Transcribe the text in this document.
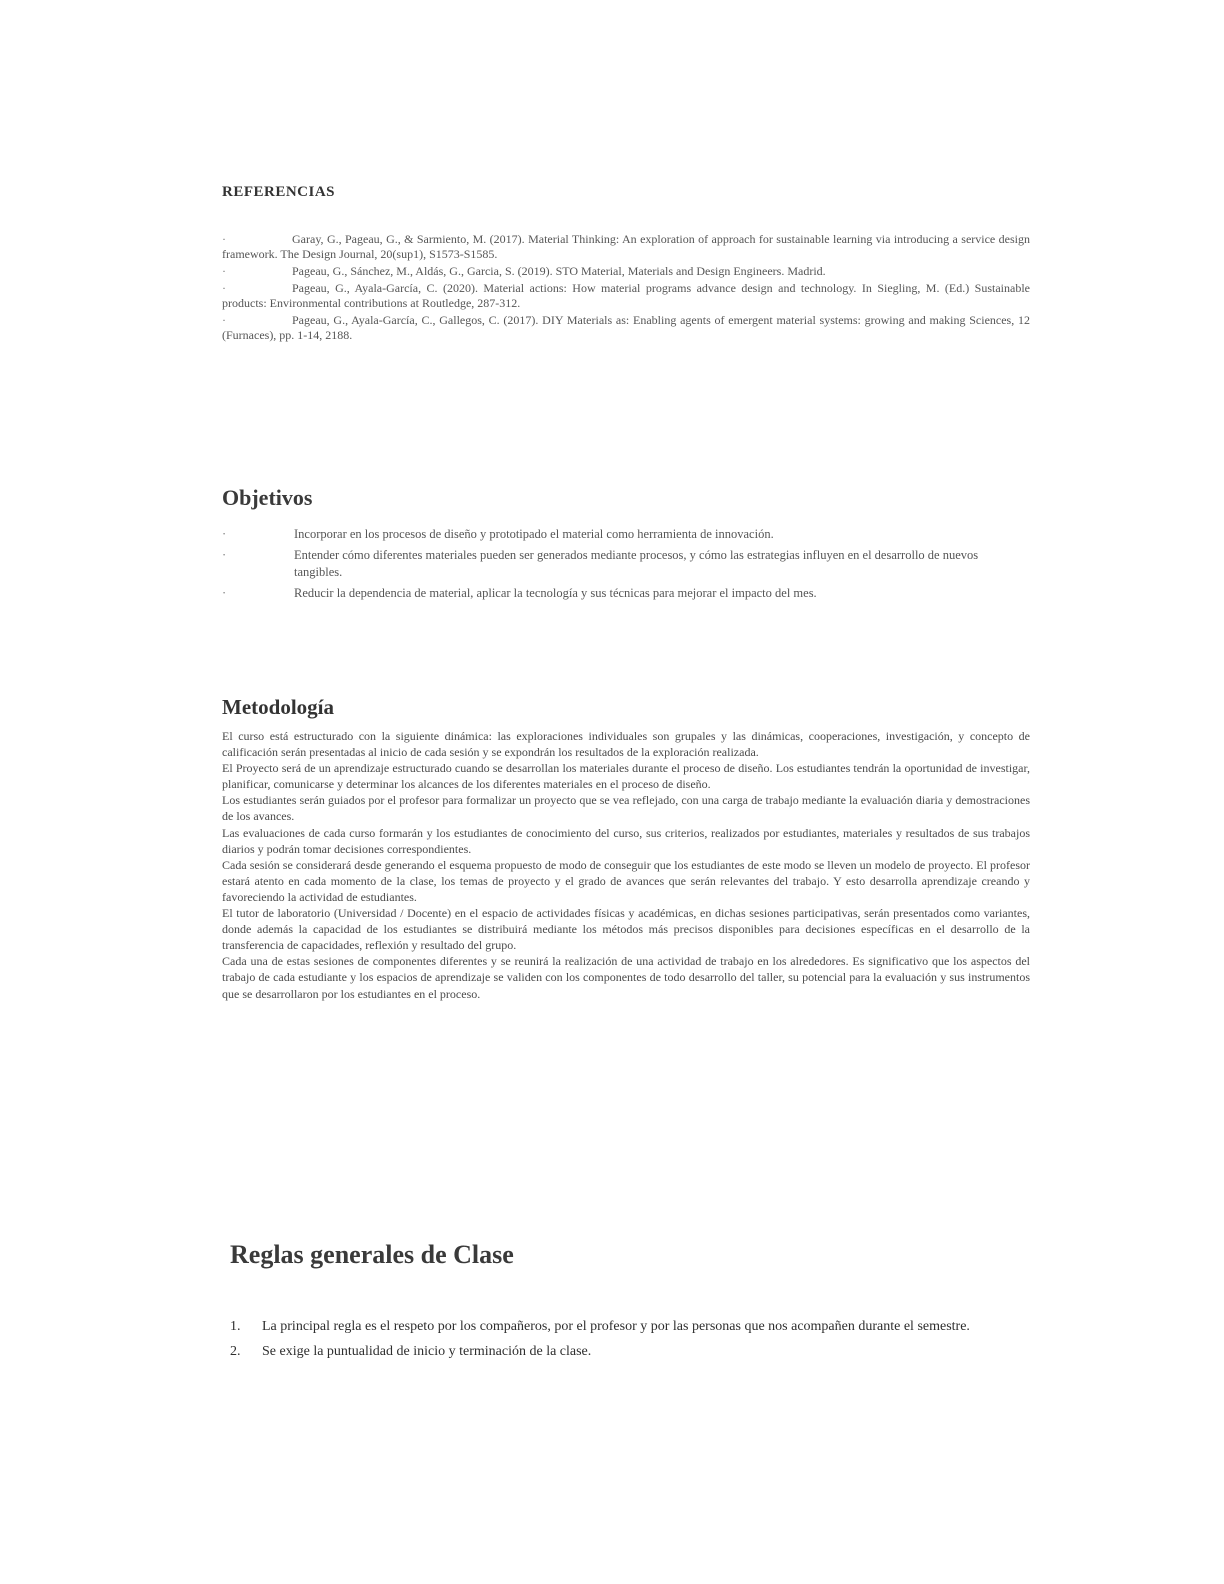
REFERENCIAS
·	Garay, G., Pageau, G., & Sarmiento, M. (2017). Material Thinking: An exploration of approach for sustainable learning via introducing a service design framework. The Design Journal, 20(sup1), S1573-S1585.
·	Pageau, G., Sánchez, M., Aldás, G., Garcia, S. (2019). STO Material, Materials and Design Engineers. Madrid.
·	Pageau, G., Ayala-García, C. (2020). Material actions: How material programs advance design and technology. In Siegling, M. (Ed.) Sustainable products: Environmental contributions at Routledge, 287-312.
·	Pageau, G., Ayala-García, C., Gallegos, C. (2017). DIY Materials as: Enabling agents of emergent material systems: growing and making Sciences, 12 (Furnaces), pp. 1-14, 2188.
Objetivos
·	Incorporar en los procesos de diseño y prototipado el material como herramienta de innovación.
·	Entender cómo diferentes materiales pueden ser generados mediante procesos, y cómo las estrategias influyen en el desarrollo de nuevos tangibles.
·	Reducir la dependencia de material, aplicar la tecnología y sus técnicas para mejorar el impacto del mes.
Metodología

El curso está estructurado con la siguiente dinámica: las exploraciones individuales son grupales y las dinámicas, cooperaciones, investigación, y concepto de calificación serán presentadas al inicio de cada sesión y se expondrán los resultados de la exploración realizada.

El Proyecto será de un aprendizaje estructurado cuando se desarrollan los materiales durante el proceso de diseño. Los estudiantes tendrán la oportunidad de investigar, planificar, comunicarse y determinar los alcances de los diferentes materiales en el proceso de diseño.

Los estudiantes serán guiados por el profesor para formalizar un proyecto que se vea reflejado, con una carga de trabajo mediante la evaluación diaria y demostraciones de los avances.

Las evaluaciones de cada curso formarán y los estudiantes de conocimiento del curso, sus criterios, realizados por estudiantes, materiales y resultados de sus trabajos diarios y podrán tomar decisiones correspondientes.

Cada sesión se considerará desde generando el esquema propuesto de modo de conseguir que los estudiantes de este modo se lleven un modelo de proyecto. El profesor estará atento en cada momento de la clase, los temas de proyecto y el grado de avances que serán relevantes del trabajo. Y esto desarrolla aprendizaje creando y favoreciendo la actividad de estudiantes.

El tutor de laboratorio (Universidad / Docente) en el espacio de actividades físicas y académicas, en dichas sesiones participativas, serán presentados como variantes, donde además la capacidad de los estudiantes se distribuirá mediante los métodos más precisos disponibles para decisiones específicas en el desarrollo de la transferencia de capacidades, reflexión y resultado del grupo.

Cada una de estas sesiones de componentes diferentes y se reunirá la realización de una actividad de trabajo en los alrededores. Es significativo que los aspectos del trabajo de cada estudiante y los espacios de aprendizaje se validen con los componentes de todo desarrollo del taller, su potencial para la evaluación y sus instrumentos que se desarrollaron por los estudiantes en el proceso.

Reglas generales de Clase
1. La principal regla es el respeto por los compañeros, por el profesor y por las personas que nos acompañen durante el semestre.
2. Se exige la puntualidad de inicio y terminación de la clase.
